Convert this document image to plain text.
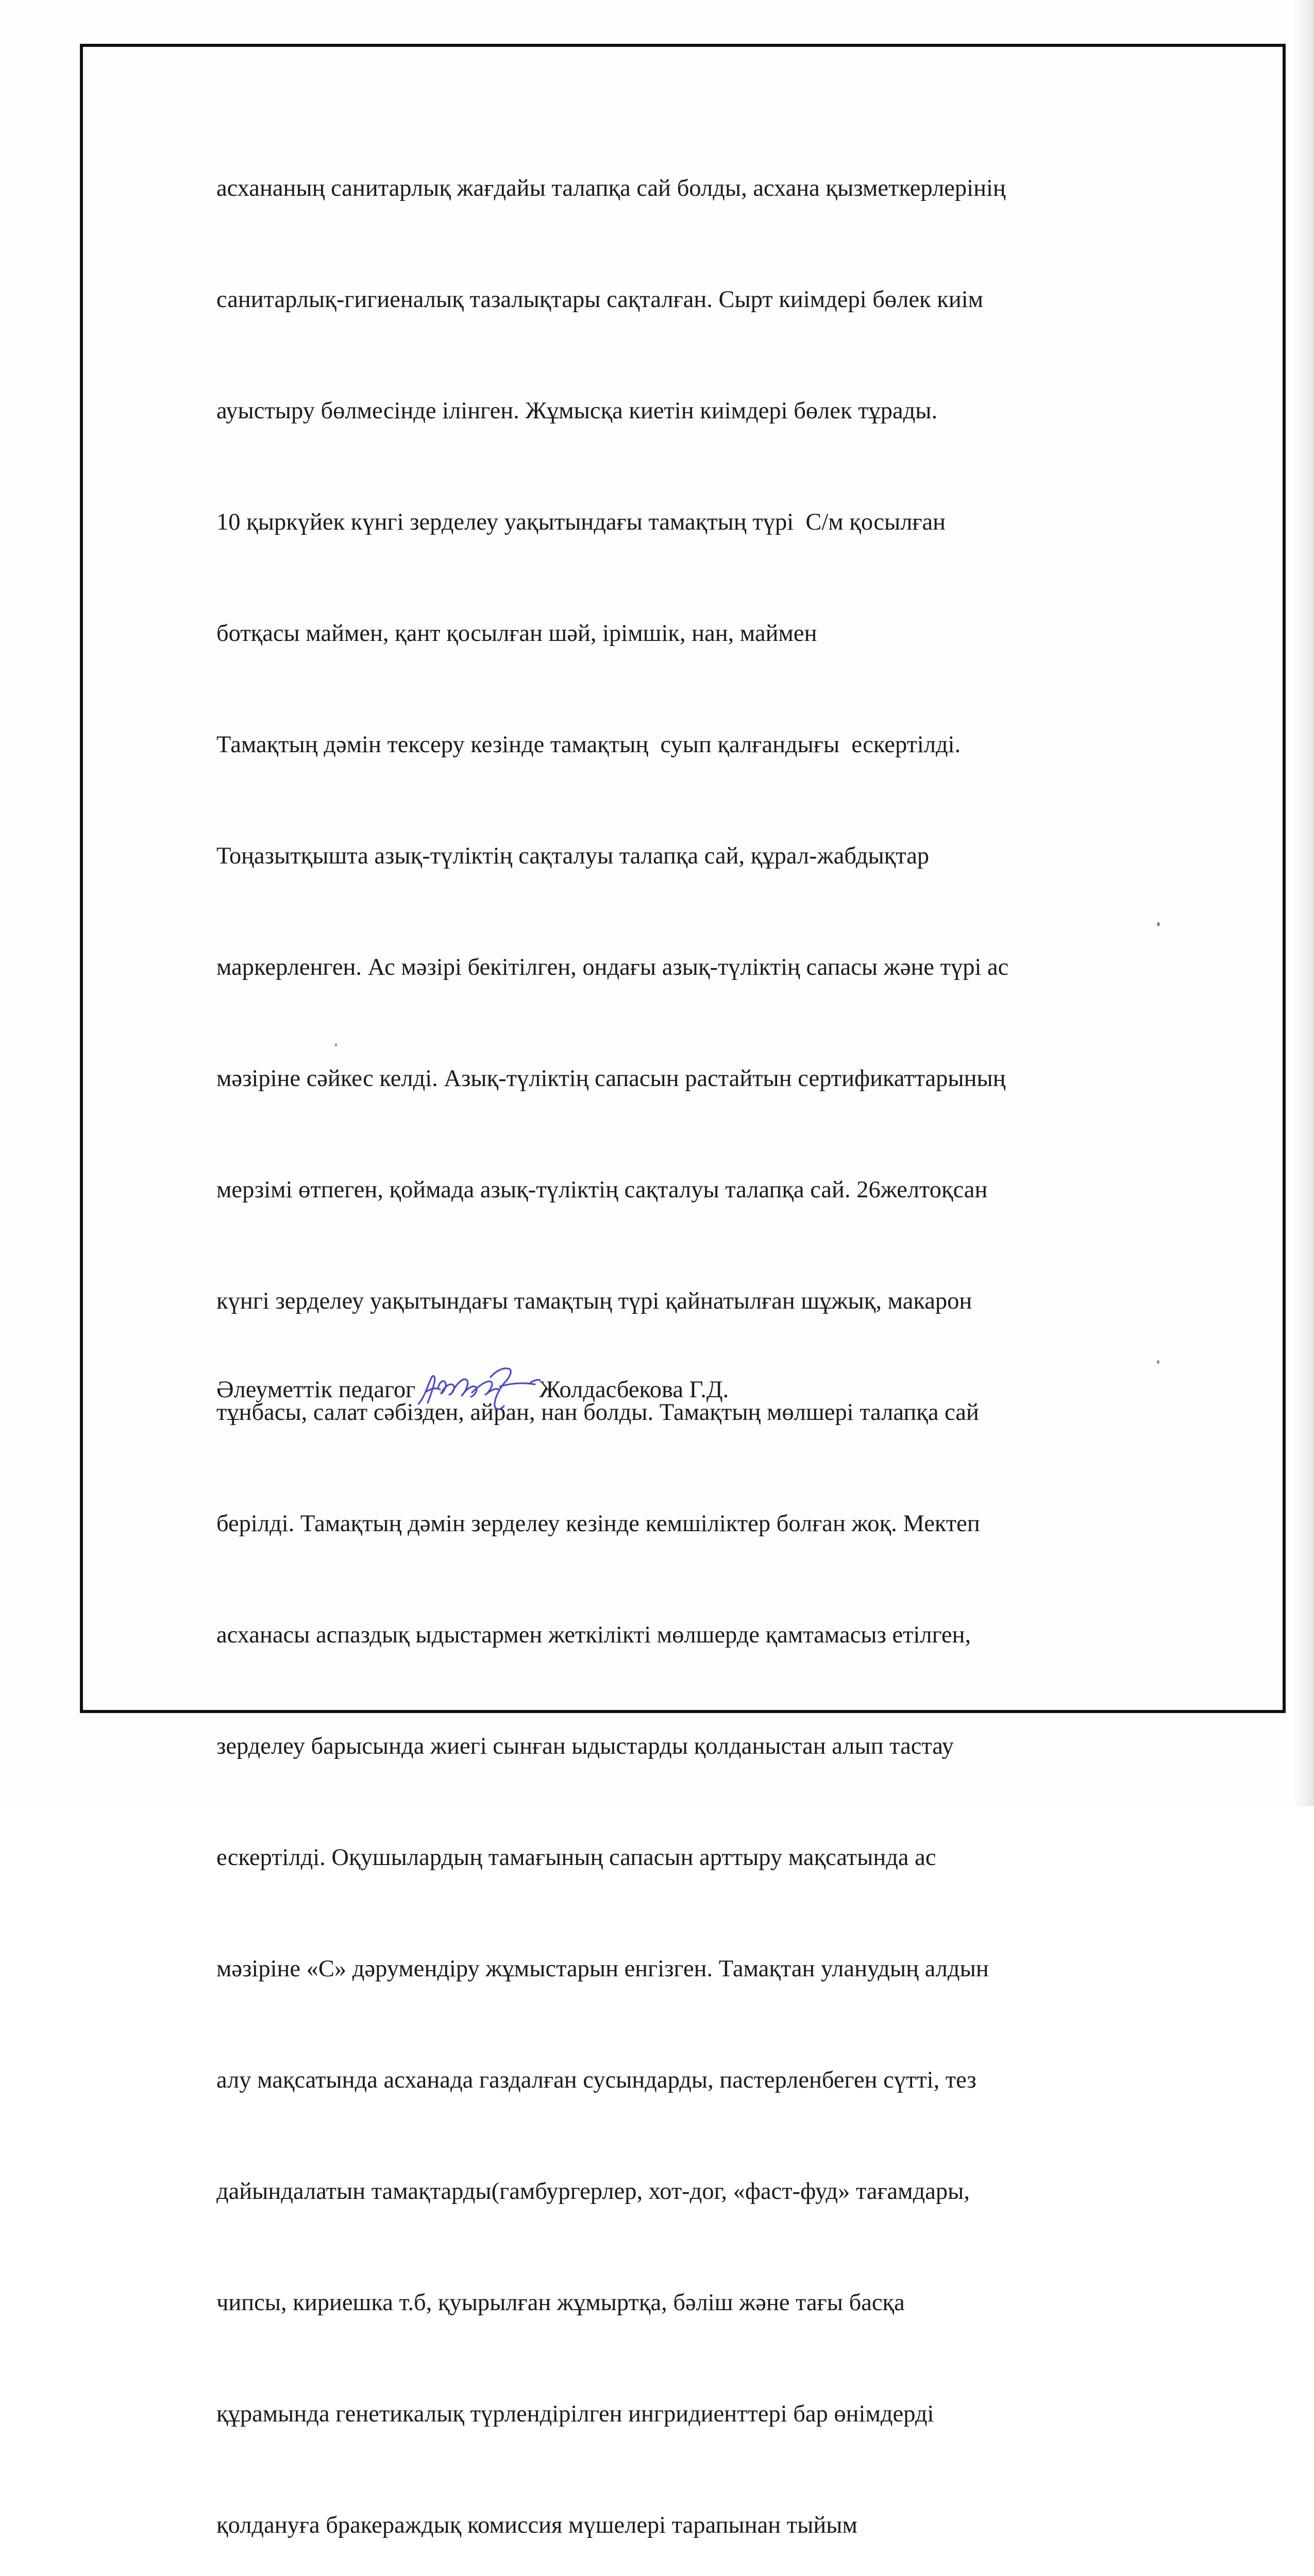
асхананың санитарлық жағдайы талапқа сай болды, асхана қызметкерлерінің

санитарлық-гигиеналық тазалықтары сақталған. Сырт киімдері бөлек киім

ауыстыру бөлмесінде ілінген. Жұмысқа киетін киімдері бөлек тұрады.

10 қыркүйек күнгі зерделеу уақытындағы тамақтың түрі  С/м қосылған

ботқасы маймен, қант қосылған шәй, ірімшік, нан, маймен

Тамақтың дәмін тексеру кезінде тамақтың  суып қалғандығы  ескертілді.

Тоңазытқышта азық-түліктің сақталуы талапқа сай, құрал-жабдықтар

маркерленген. Ас мәзірі бекітілген, ондағы азық-түліктің сапасы және түрі ас

мәзіріне сәйкес келді. Азық-түліктің сапасын растайтын сертификаттарының

мерзімі өтпеген, қоймада азық-түліктің сақталуы талапқа сай. 26желтоқсан

күнгі зерделеу уақытындағы тамақтың түрі қайнатылған шұжық, макарон

тұнбасы, салат сәбізден, айран, нан болды. Тамақтың мөлшері талапқа сай

берілді. Тамақтың дәмін зерделеу кезінде кемшіліктер болған жоқ. Мектеп

асханасы аспаздық ыдыстармен жеткілікті мөлшерде қамтамасыз етілген,

зерделеу барысында жиегі сынған ыдыстарды қолданыстан алып тастау

ескертілді. Оқушылардың тамағының сапасын арттыру мақсатында ас

мәзіріне «С» дәрумендіру жұмыстарын енгізген. Тамақтан уланудың алдын

алу мақсатында асханада газдалған сусындарды, пастерленбеген сүтті, тез

дайындалатын тамақтарды(гамбургерлер, хот-дог, «фаст-фуд» тағамдары,

чипсы, кириешка т.б, қуырылған жұмыртқа, бәліш және тағы басқа

құрамында генетикалық түрлендірілген ингридиенттері бар өнімдерді

қолдануға бракераждық комиссия мүшелері тарапынан тыйым

Әлеуметтік педагог	Жолдасбекова Г.Д.
